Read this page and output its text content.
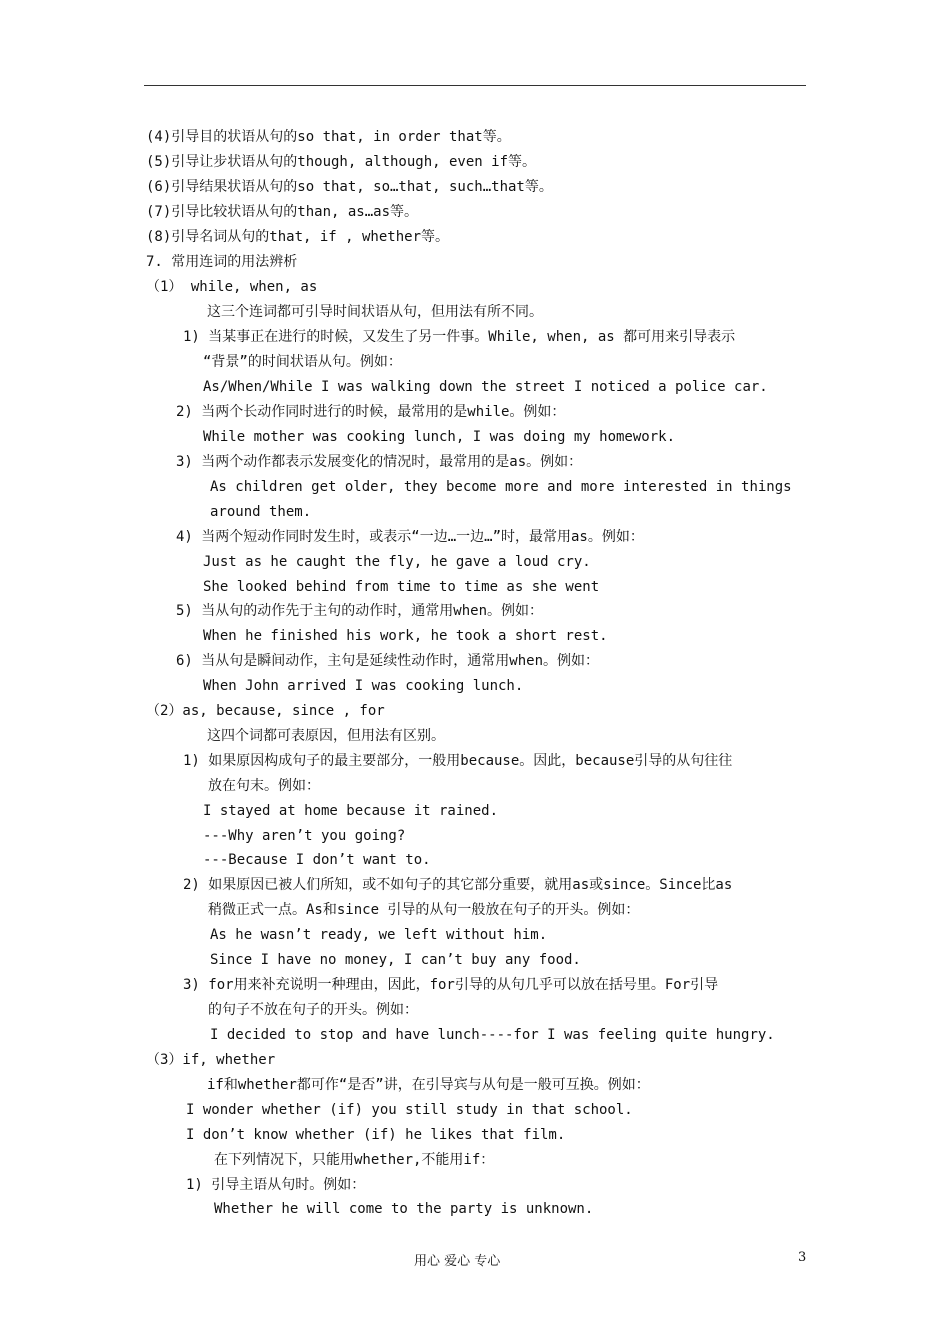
(4)引导目的状语从句的so that, in order that等。
(5)引导让步状语从句的though, although, even if等。
(6)引导结果状语从句的so that, so…that, such…that等。
(7)引导比较状语从句的than, as…as等。
(8)引导名词从句的that, if , whether等。
7. 常用连词的用法辨析
（1） while, when, as
这三个连词都可引导时间状语从句，但用法有所不同。
1) 当某事正在进行的时候，又发生了另一件事。While, when, as 都可用来引导表示
“背景”的时间状语从句。例如：
As/When/While I was walking down the street I noticed a police car.
2) 当两个长动作同时进行的时候，最常用的是while。例如：
While mother was cooking lunch, I was doing my homework.
3) 当两个动作都表示发展变化的情况时，最常用的是as。例如：
As children get older, they become more and more interested in things
around them.
4) 当两个短动作同时发生时，或表示“一边…一边…”时，最常用as。例如：
Just as he caught the fly, he gave a loud cry.
She looked behind from time to time as she went
5) 当从句的动作先于主句的动作时，通常用when。例如：
When he finished his work, he took a short rest.
6) 当从句是瞬间动作，主句是延续性动作时，通常用when。例如：
When John arrived I was cooking lunch.
（2）as, because, since , for
这四个词都可表原因，但用法有区别。
1) 如果原因构成句子的最主要部分，一般用because。因此，because引导的从句往往
放在句末。例如：
I stayed at home because it rained.
---Why aren’t you going?
---Because I don’t want to.
2) 如果原因已被人们所知，或不如句子的其它部分重要，就用as或since。Since比as
稍微正式一点。As和since 引导的从句一般放在句子的开头。例如：
As he wasn’t ready, we left without him.
Since I have no money, I can’t buy any food.
3) for用来补充说明一种理由，因此，for引导的从句几乎可以放在括号里。For引导
的句子不放在句子的开头。例如：
I decided to stop and have lunch----for I was feeling quite hungry.
（3）if, whether
if和whether都可作“是否”讲，在引导宾与从句是一般可互换。例如：
I wonder whether (if) you still study in that school.
I don’t know whether (if) he likes that film.
在下列情况下，只能用whether,不能用if：
1) 引导主语从句时。例如：
Whether he will come to the party is unknown.
用心 爱心 专心	3
